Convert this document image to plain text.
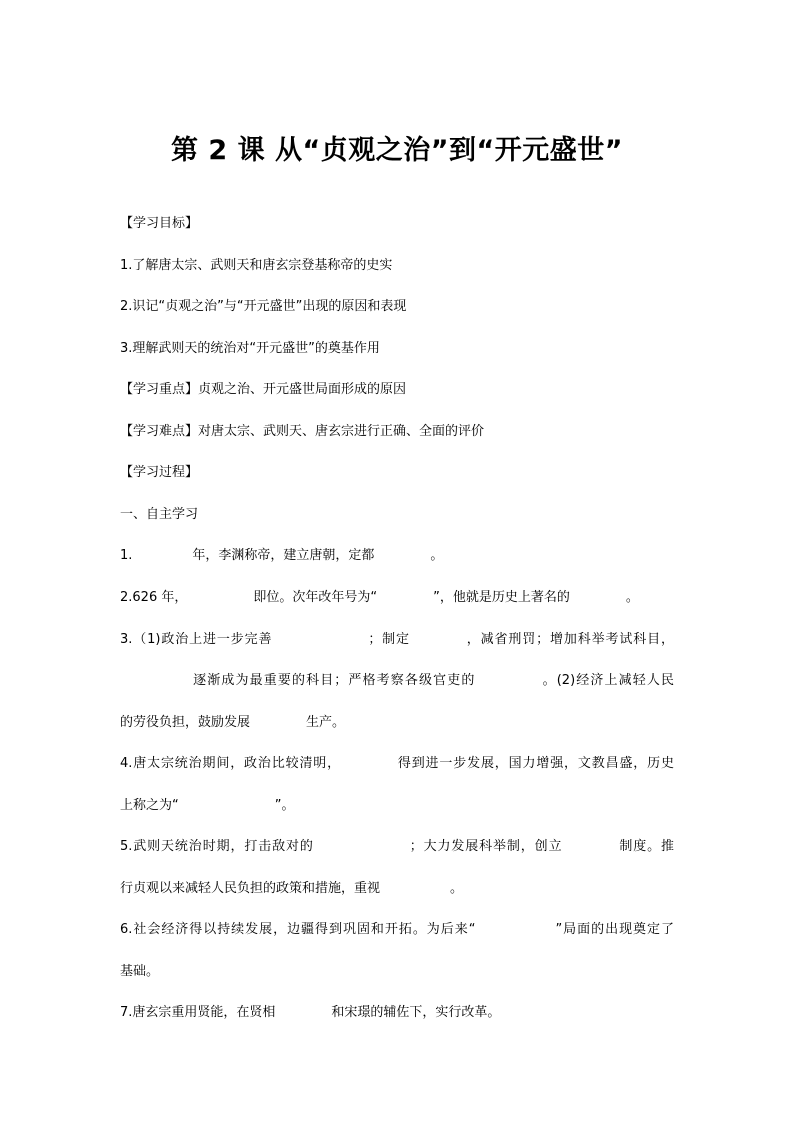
第 2 课 从“贞观之治”到“开元盛世”
【学习目标】
1.了解唐太宗、武则天和唐玄宗登基称帝的史实
2.识记“贞观之治”与“开元盛世”出现的原因和表现
3.理解武则天的统治对“开元盛世”的奠基作用
【学习重点】贞观之治、开元盛世局面形成的原因
【学习难点】对唐太宗、武则天、唐玄宗进行正确、全面的评价
【学习过程】
一、自主学习
1.	年，李渊称帝，建立唐朝，定都	。
2.626 年，	即位。次年改年号为“	”，他就是历史上著名的	。
3.（1)政治上进一步完善	；制定	，减省刑罚；增加科举考试科目，
逐渐成为最重要的科目；严格考察各级官吏的	。(2)经济上减轻人民
的劳役负担，鼓励发展	生产。
4.唐太宗统治期间，政治比较清明，	得到进一步发展，国力增强，文教昌盛，历史
上称之为“	”。
5.武则天统治时期，打击敌对的	；大力发展科举制，创立	制度。推
行贞观以来减轻人民负担的政策和措施，重视	。
6.社会经济得以持续发展，边疆得到巩固和开拓。为后来“	”局面的出现奠定了
基础。
7.唐玄宗重用贤能，在贤相	和宋璟的辅佐下，实行改革。
